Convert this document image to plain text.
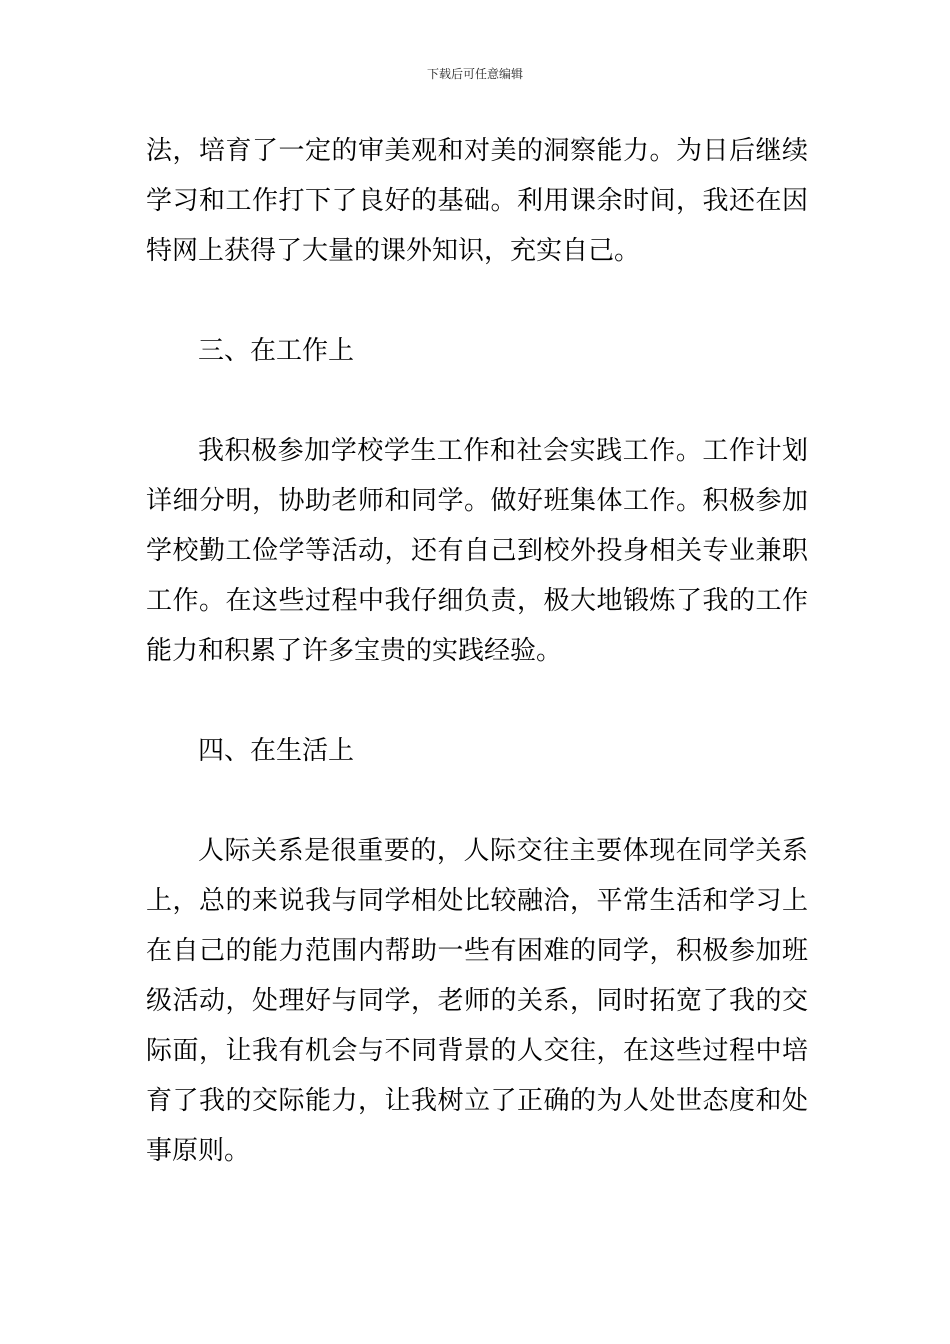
下载后可任意编辑
法，培育了一定的审美观和对美的洞察能力。为日后继续
学习和工作打下了良好的基础。利用课余时间，我还在因
特网上获得了大量的课外知识，充实自己。
三、在工作上
我积极参加学校学生工作和社会实践工作。工作计划
详细分明，协助老师和同学。做好班集体工作。积极参加
学校勤工俭学等活动，还有自己到校外投身相关专业兼职
工作。在这些过程中我仔细负责，极大地锻炼了我的工作
能力和积累了许多宝贵的实践经验。
四、在生活上
人际关系是很重要的，人际交往主要体现在同学关系
上，总的来说我与同学相处比较融洽，平常生活和学习上
在自己的能力范围内帮助一些有困难的同学，积极参加班
级活动，处理好与同学，老师的关系，同时拓宽了我的交
际面，让我有机会与不同背景的人交往，在这些过程中培
育了我的交际能力，让我树立了正确的为人处世态度和处
事原则。
